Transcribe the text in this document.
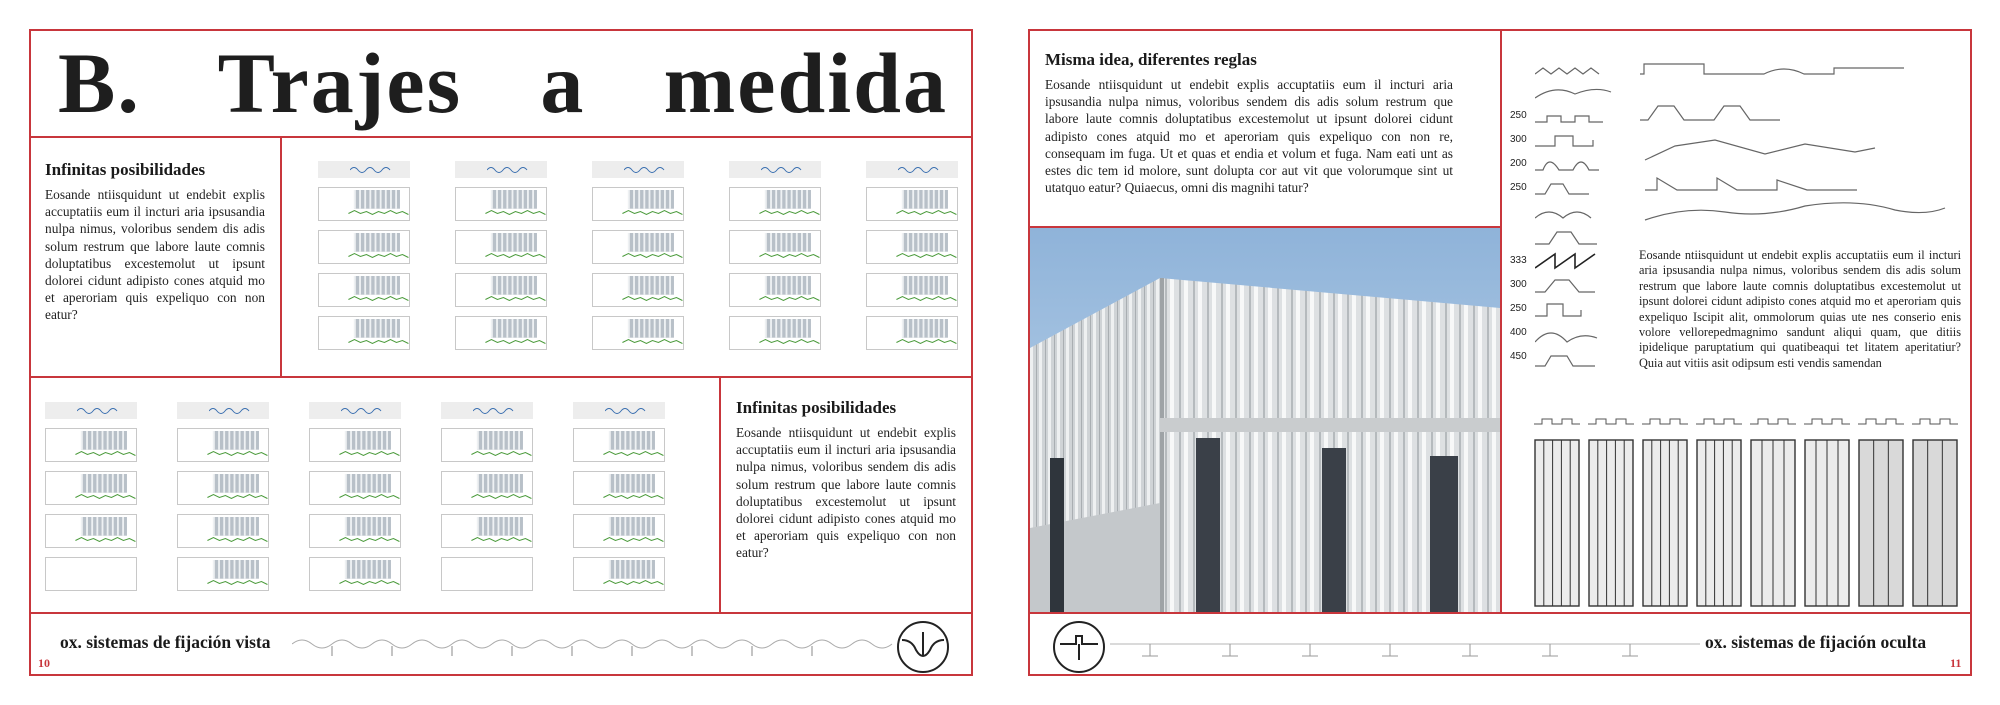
B. Trajes a medida
Infinitas posibilidades

Eosande ntiisquidunt ut endebit explis accuptatiis eum il incturi aria ipsusandia nulpa nimus, voloribus sendem dis adis solum restrum que labore laute comnis doluptatibus excestemolut ut ipsunt dolorei cidunt adipisto cones atquid mo et aperoriam quis expeliquo con non eatur?

Infinitas posibilidades

Eosande ntiisquidunt ut endebit explis accuptatiis eum il incturi aria ipsusandia nulpa nimus, voloribus sendem dis adis solum restrum que labore laute comnis doluptatibus excestemolut ut ipsunt dolorei cidunt adipisto cones atquid mo et aperoriam quis expeliquo con non eatur?

ox. sistemas de fijación vista
10
Misma idea, diferentes reglas

Eosande ntiisquidunt ut endebit explis accuptatiis eum il incturi aria ipsusandia nulpa nimus, voloribus sendem dis adis solum restrum que labore laute comnis doluptatibus excestemolut ut ipsunt dolorei cidunt adipisto cones atquid mo et aperoriam quis expeliquo con non re, consequam im fuga. Ut et quas et endia et volum et fuga. Nam eati unt as estes dic tem id molore, sunt dolupta cor aut vit que volorumque sint ut utatquo eatur? Quiaecus, omni dis magnihi tatur?

250
300
200
250
333
300
250
400
450

Eosande ntiisquidunt ut endebit explis accuptatiis eum il incturi aria ipsusandia nulpa nimus, voloribus sendem dis adis solum restrum que labore laute comnis doluptatibus excestemolut ut ipsunt dolorei cidunt adipisto cones atquid mo et aperoriam quis expeliquo Iscipit alit, ommolorum quias ute nes conserio enis volore vellorepedmagnimo sandunt aliqui quam, que ditiis ipidelique paruptatium qui quatibeaqui tet litatem aperitatiur? Quia aut vitiis asit odipsum esti vendis samendan

ox. sistemas de fijación oculta
11
